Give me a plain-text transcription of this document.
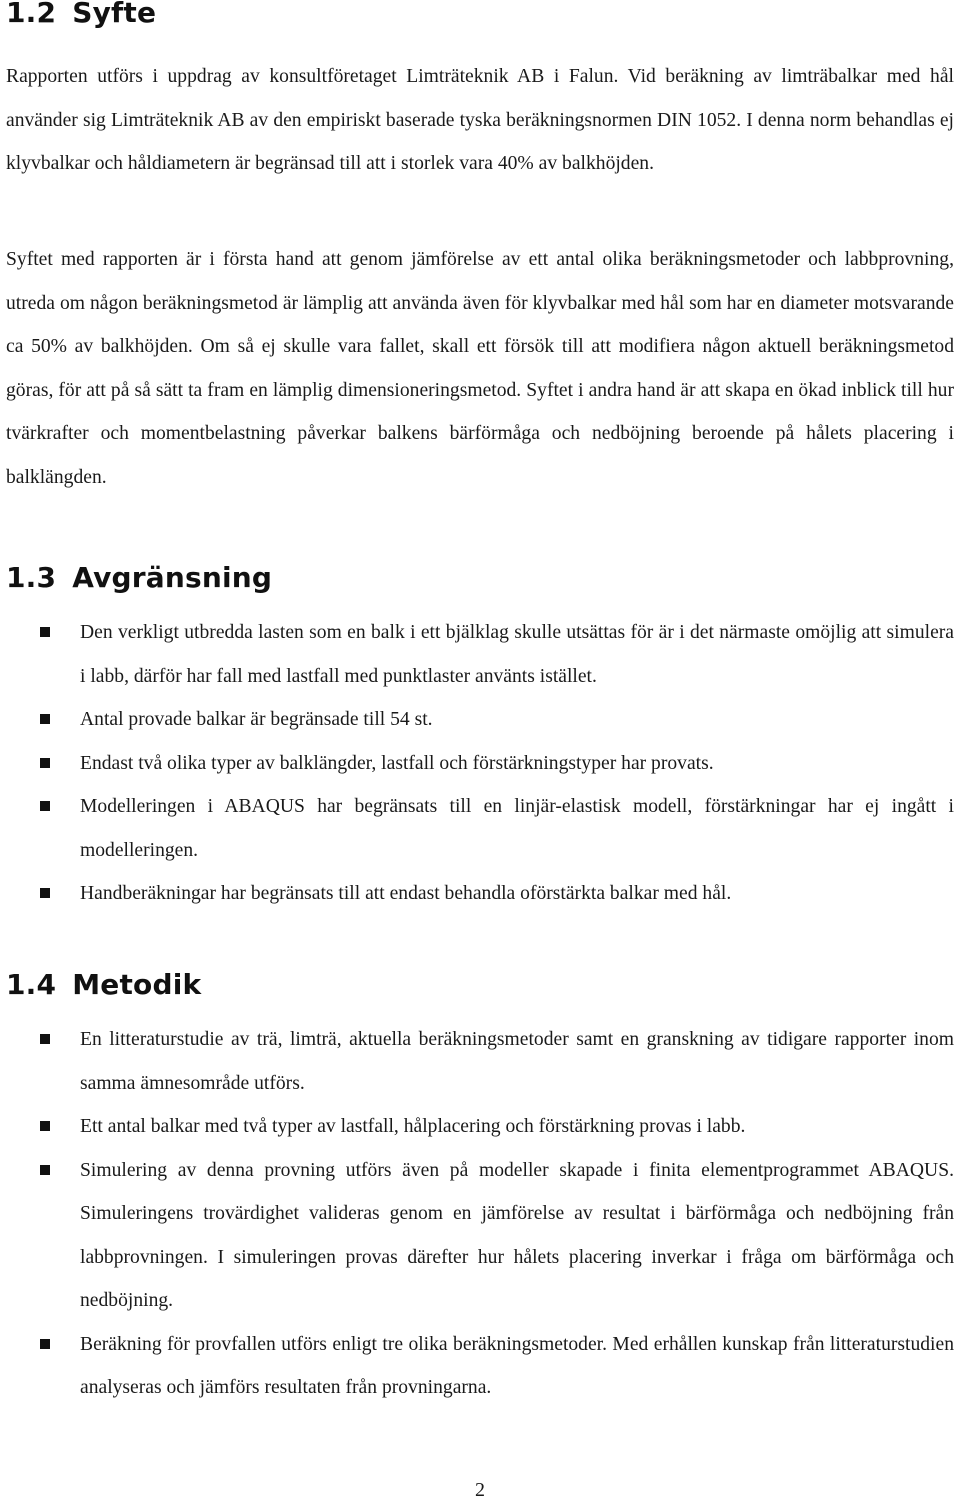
1.2 Syfte

Rapporten utförs i uppdrag av konsultföretaget Limträteknik AB i Falun. Vid beräkning av limträbalkar med hål använder sig Limträteknik AB av den empiriskt baserade tyska beräkningsnormen DIN 1052. I denna norm behandlas ej klyvbalkar och håldiametern är begränsad till att i storlek vara 40% av balkhöjden.

Syftet med rapporten är i första hand att genom jämförelse av ett antal olika beräkningsmetoder och labbprovning, utreda om någon beräkningsmetod är lämplig att använda även för klyvbalkar med hål som har en diameter motsvarande ca 50% av balkhöjden. Om så ej skulle vara fallet, skall ett försök till att modifiera någon aktuell beräkningsmetod göras, för att på så sätt ta fram en lämplig dimensioneringsmetod. Syftet i andra hand är att skapa en ökad inblick till hur tvärkrafter och momentbelastning påverkar balkens bärförmåga och nedböjning beroende på hålets placering i balklängden.

1.3 Avgränsning
Den verkligt utbredda lasten som en balk i ett bjälklag skulle utsättas för är i det närmaste omöjlig att simulera i labb, därför har fall med lastfall med punktlaster använts istället.
Antal provade balkar är begränsade till 54 st.
Endast två olika typer av balklängder, lastfall och förstärkningstyper har provats.
Modelleringen i ABAQUS har begränsats till en linjär-elastisk modell, förstärkningar har ej ingått i modelleringen.
Handberäkningar har begränsats till att endast behandla oförstärkta balkar med hål.
1.4 Metodik
En litteraturstudie av trä, limträ, aktuella beräkningsmetoder samt en granskning av tidigare rapporter inom samma ämnesområde utförs.
Ett antal balkar med två typer av lastfall, hålplacering och förstärkning provas i labb.
Simulering av denna provning utförs även på modeller skapade i finita elementprogrammet ABAQUS. Simuleringens trovärdighet valideras genom en jämförelse av resultat i bärförmåga och nedböjning från labbprovningen. I simuleringen provas därefter hur hålets placering inverkar i fråga om bärförmåga och nedböjning.
Beräkning för provfallen utförs enligt tre olika beräkningsmetoder. Med erhållen kunskap från litteraturstudien analyseras och jämförs resultaten från provningarna.
2
